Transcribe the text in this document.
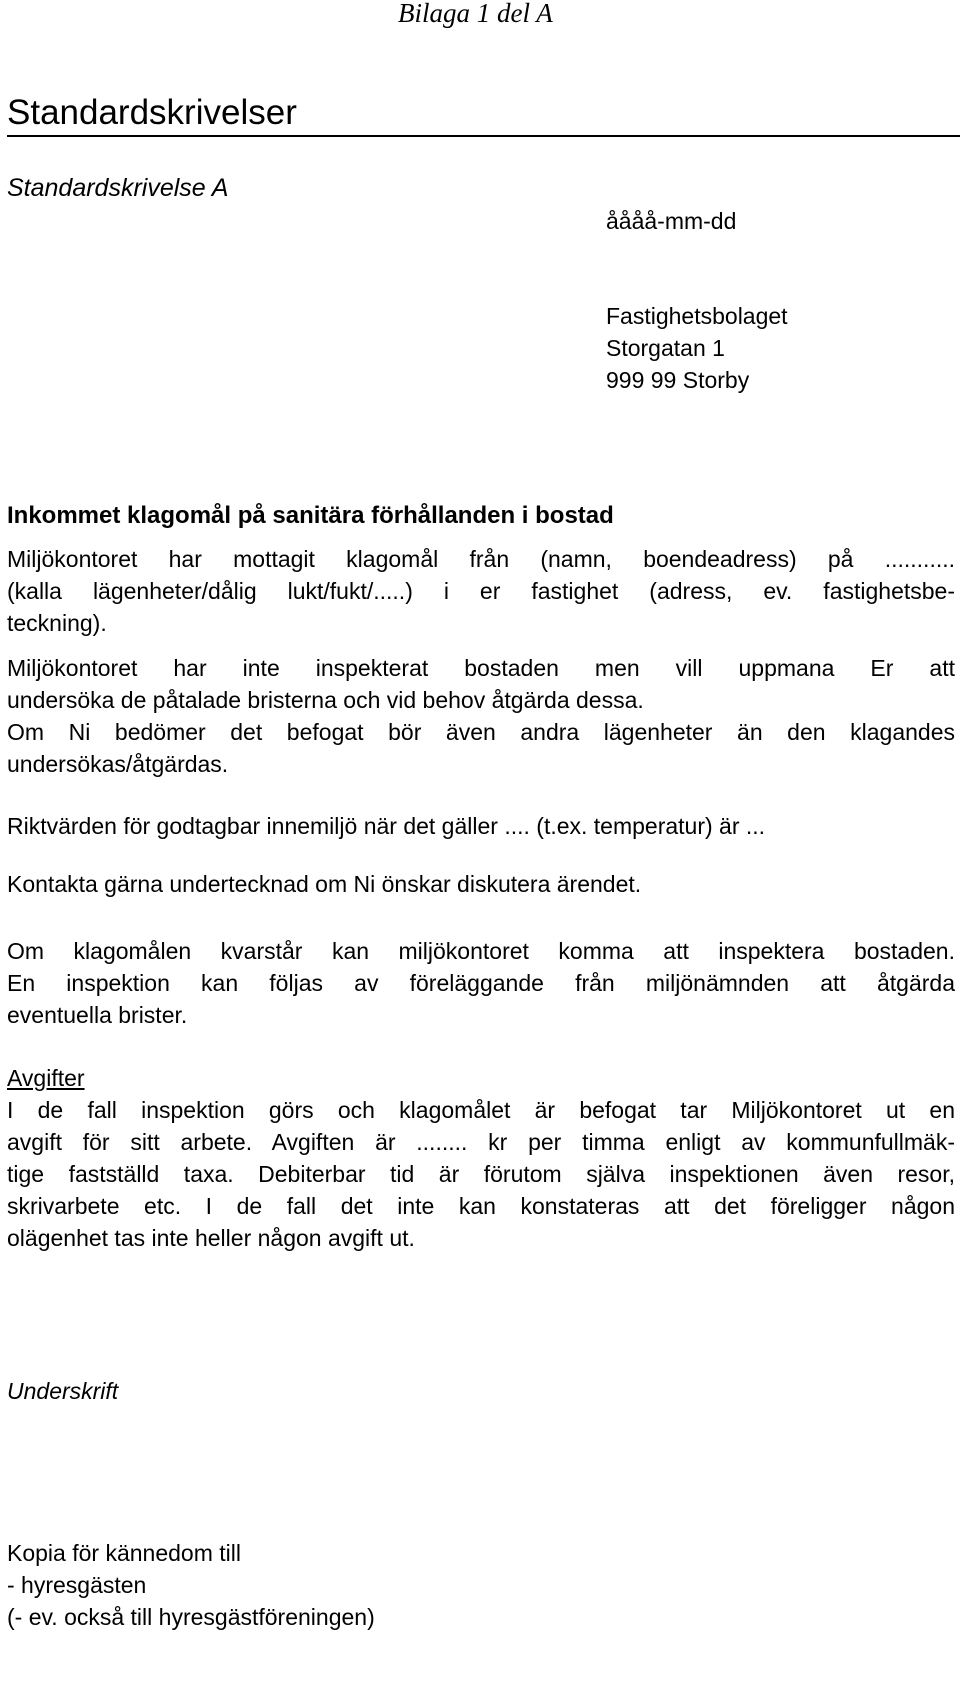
Bilaga 1 del A
Standardskrivelser
Standardskrivelse A
åååå-mm-dd
Fastighetsbolaget
Storgatan 1
999 99 Storby
Inkommet klagomål på sanitära förhållanden i bostad
Miljökontoret har mottagit klagomål från (namn, boendeadress) på ...........
(kalla lägenheter/dålig lukt/fukt/.....) i er fastighet (adress, ev. fastighetsbe-
teckning).
Miljökontoret har inte inspekterat bostaden men vill uppmana Er att
undersöka de påtalade bristerna och vid behov åtgärda dessa.
Om Ni bedömer det befogat bör även andra lägenheter än den klagandes
undersökas/åtgärdas.
Riktvärden för godtagbar innemiljö när det gäller .... (t.ex. temperatur) är ...
Kontakta gärna undertecknad om Ni önskar diskutera ärendet.
Om klagomålen kvarstår kan miljökontoret komma att inspektera bostaden.
En inspektion kan följas av föreläggande från miljönämnden att åtgärda
eventuella brister.
Avgifter
I de fall inspektion görs och klagomålet är befogat tar Miljökontoret ut en
avgift för sitt arbete. Avgiften är ........ kr per timma enligt av kommunfullmäk-
tige fastställd taxa. Debiterbar tid är förutom själva inspektionen även resor,
skrivarbete etc. I de fall det inte kan konstateras att det föreligger någon
olägenhet tas inte heller någon avgift ut.
Underskrift
Kopia för kännedom till
- hyresgästen
(- ev. också till hyresgästföreningen)
